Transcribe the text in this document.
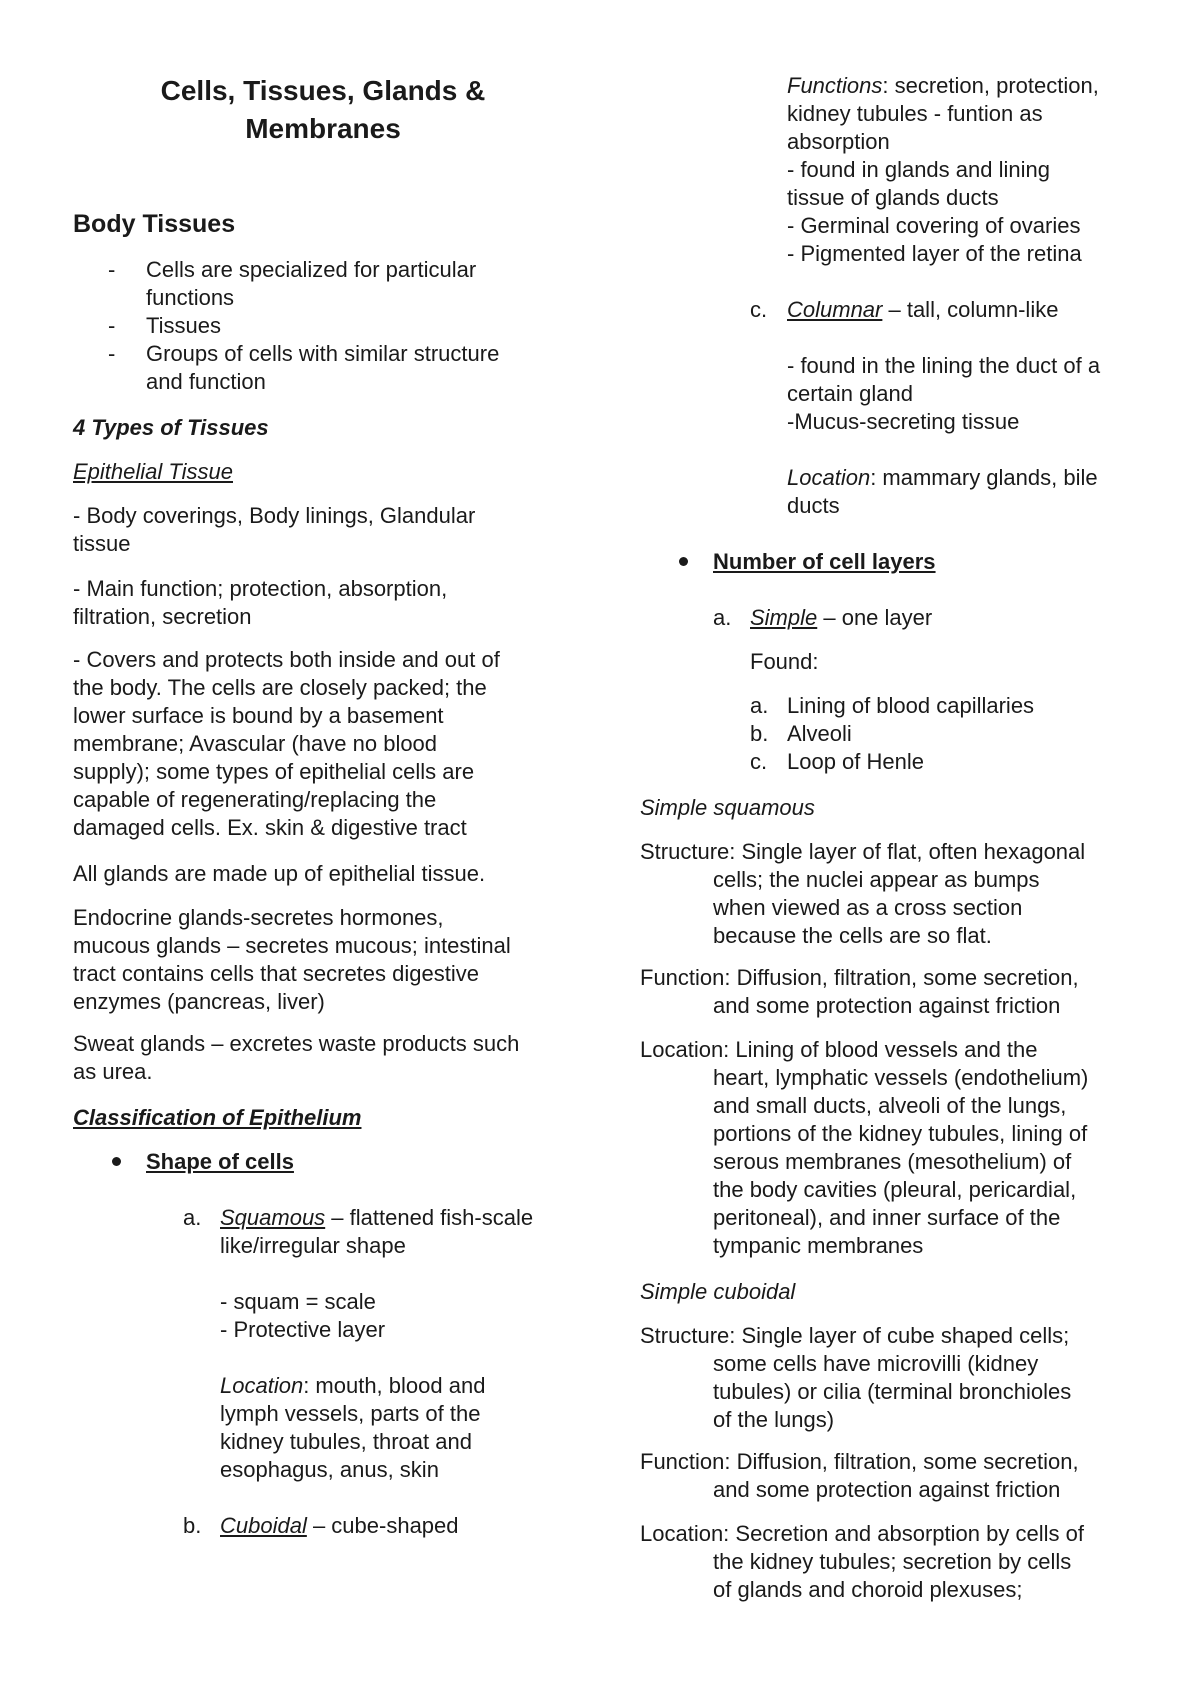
Cells, Tissues, Glands &
Membranes
Body Tissues
- Cells are specialized for particular
functions
- Tissues
- Groups of cells with similar structure
and function
4 Types of Tissues
Epithelial Tissue
- Body coverings, Body linings, Glandular
tissue
- Main function; protection, absorption,
filtration, secretion
- Covers and protects both inside and out of
the body. The cells are closely packed; the
lower surface is bound by a basement
membrane; Avascular (have no blood
supply); some types of epithelial cells are
capable of regenerating/replacing the
damaged cells. Ex. skin & digestive tract
All glands are made up of epithelial tissue.
Endocrine glands-secretes hormones,
mucous glands – secretes mucous; intestinal
tract contains cells that secretes digestive
enzymes (pancreas, liver)
Sweat glands – excretes waste products such
as urea.
Classification of Epithelium
Shape of cells
a. Squamous – flattened fish-scale
like/irregular shape
- squam = scale
- Protective layer
Location: mouth, blood and
lymph vessels, parts of the
kidney tubules, throat and
esophagus, anus, skin
b. Cuboidal – cube-shaped
Functions: secretion, protection,
kidney tubules - funtion as
absorption
- found in glands and lining
tissue of glands ducts
- Germinal covering of ovaries
- Pigmented layer of the retina
c. Columnar – tall, column-like
- found in the lining the duct of a
certain gland
-Mucus-secreting tissue
Location: mammary glands, bile
ducts
Number of cell layers
a. Simple – one layer
Found:
a. Lining of blood capillaries
b. Alveoli
c. Loop of Henle
Simple squamous
Structure: Single layer of flat, often hexagonal
cells; the nuclei appear as bumps
when viewed as a cross section
because the cells are so flat.
Function: Diffusion, filtration, some secretion,
and some protection against friction
Location: Lining of blood vessels and the
heart, lymphatic vessels (endothelium)
and small ducts, alveoli of the lungs,
portions of the kidney tubules, lining of
serous membranes (mesothelium) of
the body cavities (pleural, pericardial,
peritoneal), and inner surface of the
tympanic membranes
Simple cuboidal
Structure: Single layer of cube shaped cells;
some cells have microvilli (kidney
tubules) or cilia (terminal bronchioles
of the lungs)
Function: Diffusion, filtration, some secretion,
and some protection against friction
Location: Secretion and absorption by cells of
the kidney tubules; secretion by cells
of glands and choroid plexuses;
